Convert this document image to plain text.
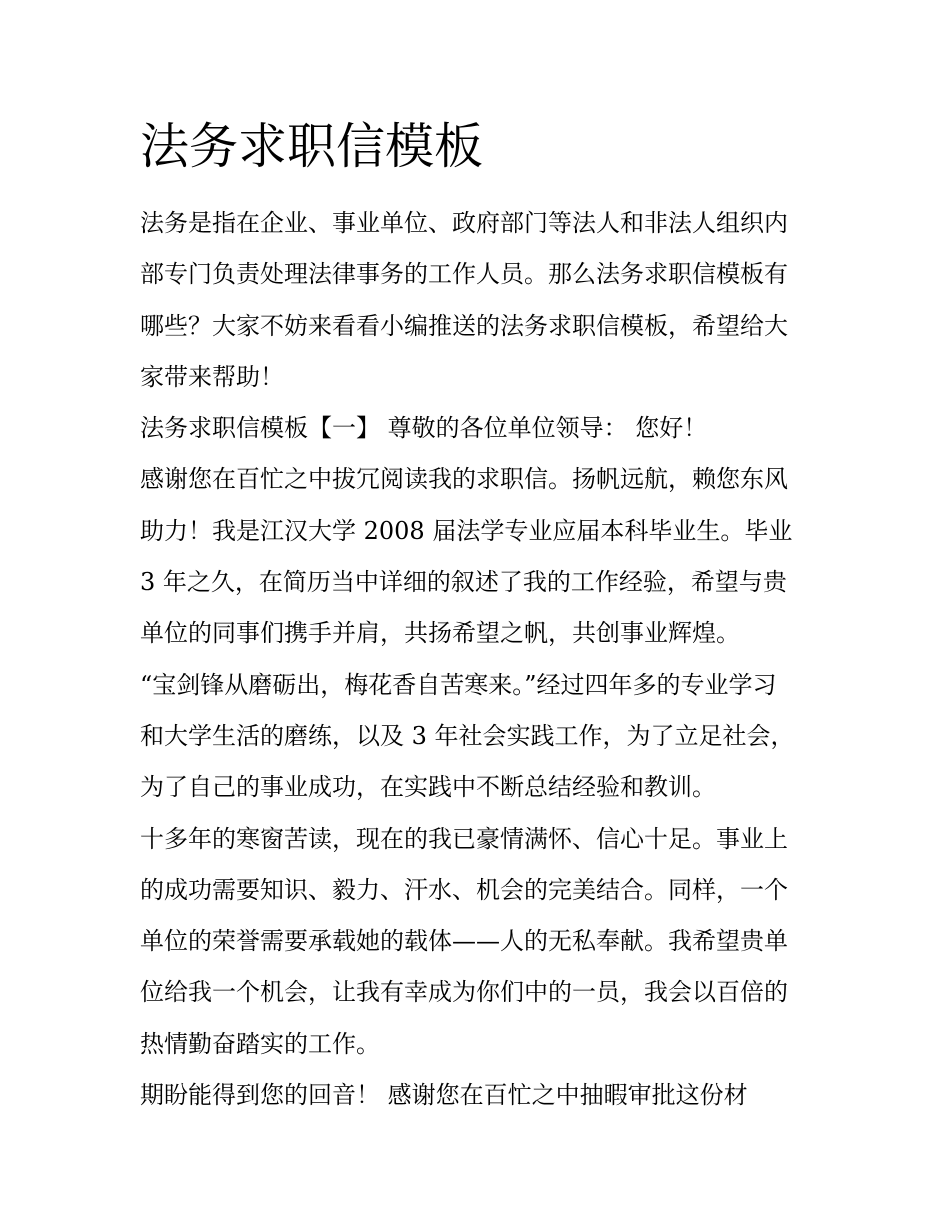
法务求职信模板

法务是指在企业、事业单位、政府部门等法人和非法人组织内
部专门负责处理法律事务的工作人员。那么法务求职信模板有
哪些？大家不妨来看看小编推送的法务求职信模板，希望给大
家带来帮助！

法务求职信模板【一】 尊敬的各位单位领导： 您好！

感谢您在百忙之中拔冗阅读我的求职信。扬帆远航，赖您东风
助力！我是江汉大学 2008 届法学专业应届本科毕业生。毕业
3 年之久，在简历当中详细的叙述了我的工作经验，希望与贵
单位的同事们携手并肩，共扬希望之帆，共创事业辉煌。

“宝剑锋从磨砺出，梅花香自苦寒来。”经过四年多的专业学习
和大学生活的磨练，以及 3 年社会实践工作，为了立足社会，
为了自己的事业成功，在实践中不断总结经验和教训。

十多年的寒窗苦读，现在的我已豪情满怀、信心十足。事业上
的成功需要知识、毅力、汗水、机会的完美结合。同样，一个
单位的荣誉需要承载她的载体——人的无私奉献。我希望贵单
位给我一个机会，让我有幸成为你们中的一员，我会以百倍的
热情勤奋踏实的工作。

期盼能得到您的回音！ 感谢您在百忙之中抽暇审批这份材
